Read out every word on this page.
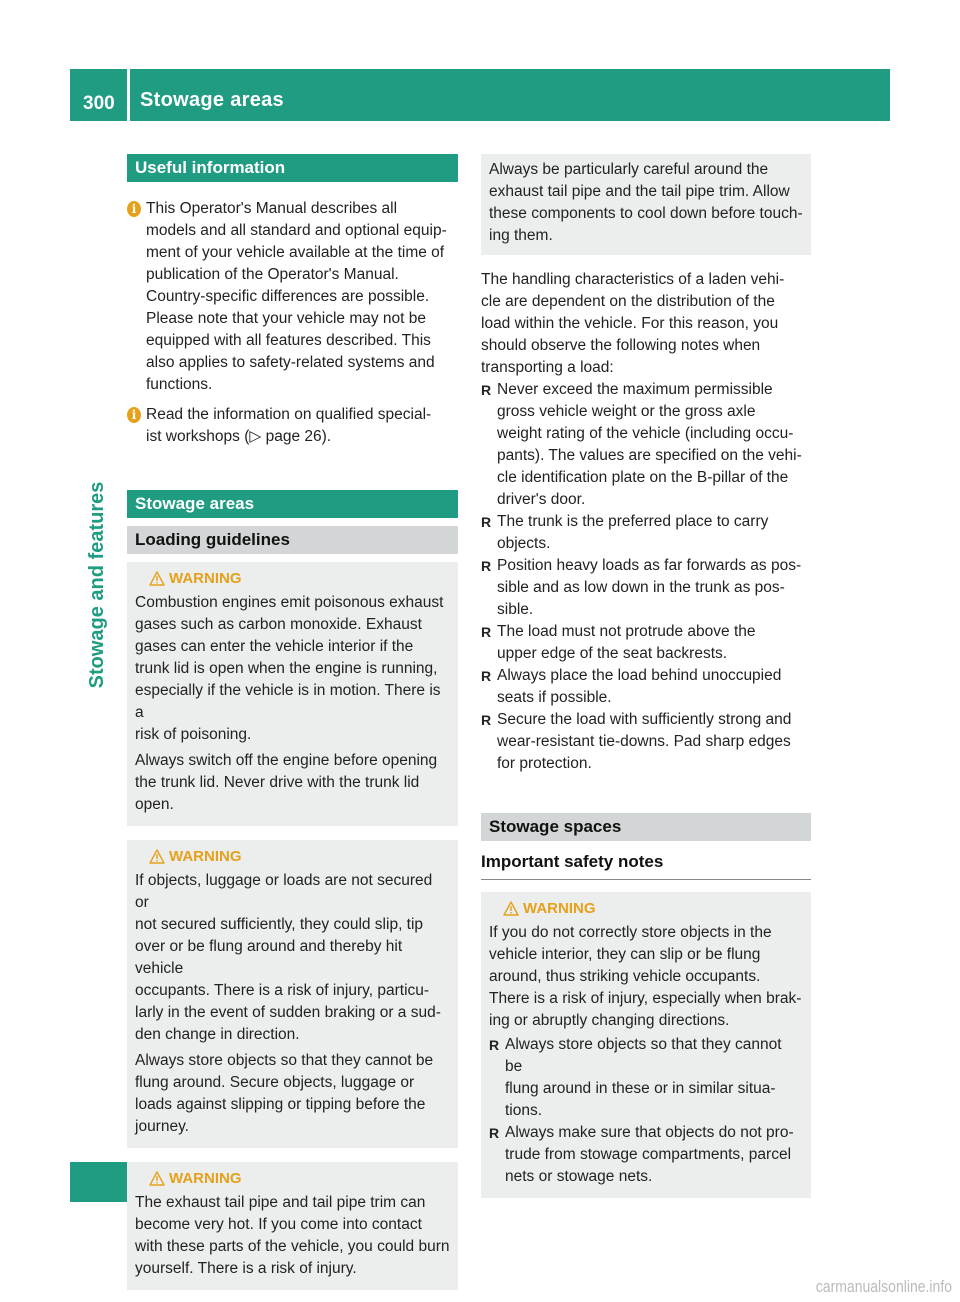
300 Stowage areas
Stowage and features
Useful information
i This Operator's Manual describes all
models and all standard and optional equip-
ment of your vehicle available at the time of
publication of the Operator's Manual.
Country-specific differences are possible.
Please note that your vehicle may not be
equipped with all features described. This
also applies to safety-related systems and
functions.
i Read the information on qualified special-
ist workshops (▷ page 26).
Stowage areas
Loading guidelines
WARNING
Combustion engines emit poisonous exhaust
gases such as carbon monoxide. Exhaust
gases can enter the vehicle interior if the
trunk lid is open when the engine is running,
especially if the vehicle is in motion. There is a
risk of poisoning.
Always switch off the engine before opening
the trunk lid. Never drive with the trunk lid
open.
WARNING
If objects, luggage or loads are not secured or
not secured sufficiently, they could slip, tip
over or be flung around and thereby hit vehicle
occupants. There is a risk of injury, particu-
larly in the event of sudden braking or a sud-
den change in direction.
Always store objects so that they cannot be
flung around. Secure objects, luggage or
loads against slipping or tipping before the
journey.
WARNING
The exhaust tail pipe and tail pipe trim can
become very hot. If you come into contact
with these parts of the vehicle, you could burn
yourself. There is a risk of injury.
Always be particularly careful around the
exhaust tail pipe and the tail pipe trim. Allow
these components to cool down before touch-
ing them.
The handling characteristics of a laden vehi-
cle are dependent on the distribution of the
load within the vehicle. For this reason, you
should observe the following notes when
transporting a load:
R Never exceed the maximum permissible
gross vehicle weight or the gross axle
weight rating of the vehicle (including occu-
pants). The values are specified on the vehi-
cle identification plate on the B-pillar of the
driver's door.
R The trunk is the preferred place to carry
objects.
R Position heavy loads as far forwards as pos-
sible and as low down in the trunk as pos-
sible.
R The load must not protrude above the
upper edge of the seat backrests.
R Always place the load behind unoccupied
seats if possible.
R Secure the load with sufficiently strong and
wear-resistant tie-downs. Pad sharp edges
for protection.
Stowage spaces
Important safety notes
WARNING
If you do not correctly store objects in the
vehicle interior, they can slip or be flung
around, thus striking vehicle occupants.
There is a risk of injury, especially when brak-
ing or abruptly changing directions.
R Always store objects so that they cannot be
flung around in these or in similar situa-
tions.
R Always make sure that objects do not pro-
trude from stowage compartments, parcel
nets or stowage nets.
carmanualsonline.info
